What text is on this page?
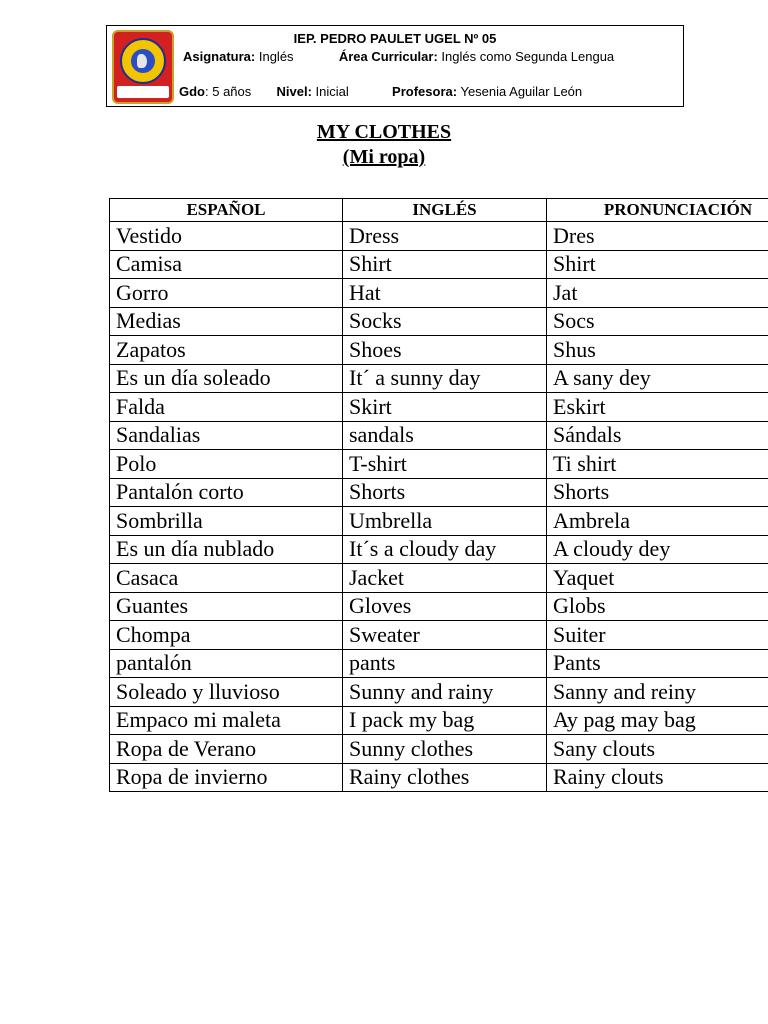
IEP. PEDRO PAULET UGEL Nº 05
Asignatura: Inglés	Área Curricular: Inglés como Segunda Lengua
Gdo: 5 años Nivel: Inicial	Profesora: Yesenia Aguilar León
MY CLOTHES
(Mi ropa)
ESPAÑOL	INGLÉS	PRONUNCIACIÓN
Vestido	Dress	Dres
Camisa	Shirt	Shirt
Gorro	Hat	Jat
Medias	Socks	Socs
Zapatos	Shoes	Shus
Es un día soleado	It´ a sunny day	A sany dey
Falda	Skirt	Eskirt
Sandalias	sandals	Sándals
Polo	T-shirt	Ti shirt
Pantalón corto	Shorts	Shorts
Sombrilla	Umbrella	Ambrela
Es un día nublado	It´s a cloudy day	A cloudy dey
Casaca	Jacket	Yaquet
Guantes	Gloves	Globs
Chompa	Sweater	Suiter
pantalón	pants	Pants
Soleado y lluvioso	Sunny and rainy	Sanny and reiny
Empaco mi maleta	I pack my bag	Ay pag may bag
Ropa de Verano	Sunny clothes	Sany clouts
Ropa de invierno	Rainy clothes	Rainy clouts
